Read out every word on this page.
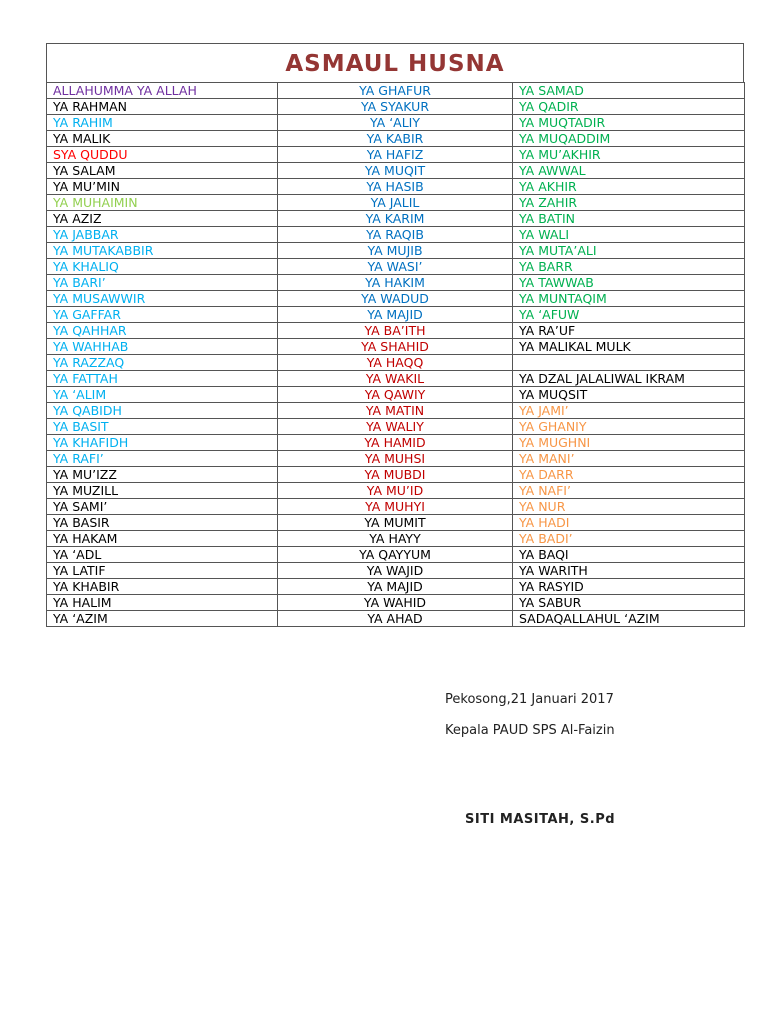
ASMAUL HUSNA
ALLAHUMMA YA ALLAH	YA GHAFUR	YA SAMAD
YA RAHMAN	YA SYAKUR	YA QADIR
YA RAHIM	YA ‘ALIY	YA MUQTADIR
YA MALIK	YA KABIR	YA MUQADDIM
SYA QUDDU	YA HAFIZ	YA MU’AKHIR
YA SALAM	YA MUQIT	YA AWWAL
YA MU’MIN	YA HASIB	YA AKHIR
YA MUHAIMIN	YA JALIL	YA ZAHIR
YA AZIZ	YA KARIM	YA BATIN
YA JABBAR	YA RAQIB	YA WALI
YA MUTAKABBIR	YA MUJIB	YA MUTA’ALI
YA KHALIQ	YA WASI’	YA BARR
YA BARI’	YA HAKIM	YA TAWWAB
YA MUSAWWIR	YA WADUD	YA MUNTAQIM
YA GAFFAR	YA MAJID	YA ‘AFUW
YA QAHHAR	YA BA’ITH	YA RA’UF
YA WAHHAB	YA SHAHID	YA MALIKAL MULK
YA RAZZAQ	YA HAQQ	
YA FATTAH	YA WAKIL	YA DZAL JALALIWAL IKRAM
YA ‘ALIM	YA QAWIY	YA MUQSIT
YA QABIDH	YA MATIN	YA JAMI’
YA BASIT	YA WALIY	YA GHANIY
YA KHAFIDH	YA HAMID	YA MUGHNI
YA RAFI’	YA MUHSI	YA MANI’
YA MU’IZZ	YA MUBDI	YA DARR
YA MUZILL	YA MU’ID	YA NAFI’
YA SAMI’	YA MUHYI	YA NUR
YA BASIR	YA MUMIT	YA HADI
YA HAKAM	YA HAYY	YA BADI’
YA ‘ADL	YA QAYYUM	YA BAQI
YA LATIF	YA WAJID	YA WARITH
YA KHABIR	YA MAJID	YA RASYID
YA HALIM	YA WAHID	YA SABUR
YA ‘AZIM	YA AHAD	SADAQALLAHUL ‘AZIM
Pekosong,21 Januari 2017
Kepala PAUD SPS Al-Faizin
SITI MASITAH, S.Pd
